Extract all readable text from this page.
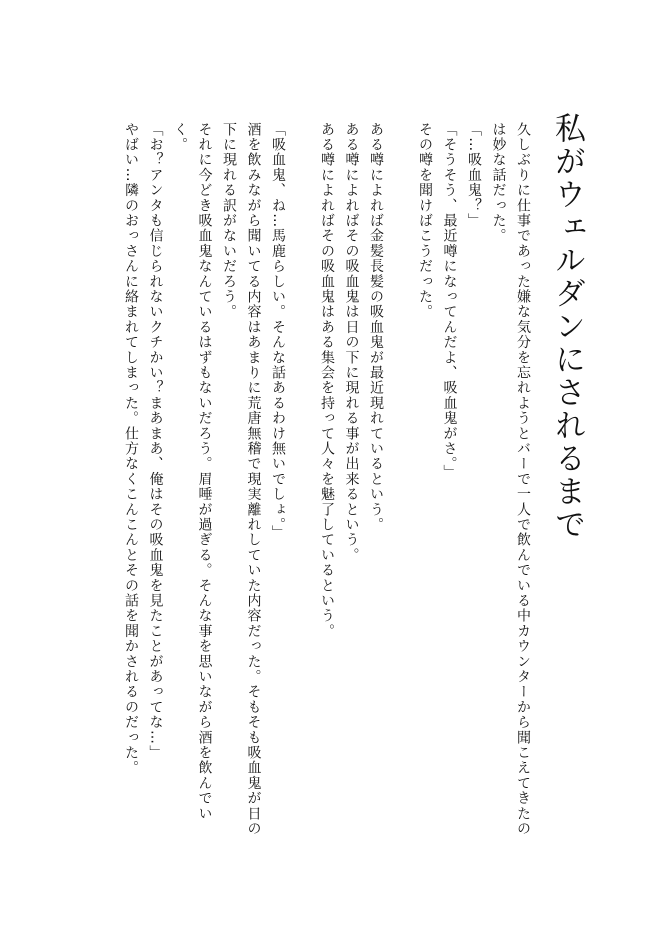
私がウェルダンにされるまで

久しぶりに仕事であった嫌な気分を忘れようとバーで一人で飲んでいる中カウンターから聞こえてきたのは妙な話だった。

「…吸血鬼？」

「そうそう、最近噂になってんだよ、吸血鬼がさ。」

その噂を聞けばこうだった。

ある噂によれば金髪長髪の吸血鬼が最近現れているという。

ある噂によればその吸血鬼は日の下に現れる事が出来るという。

ある噂によればその吸血鬼はある集会を持って人々を魅了しているという。

「吸血鬼、ね…馬鹿らしい。そんな話あるわけ無いでしょ。」

酒を飲みながら聞いてる内容はあまりに荒唐無稽で現実離れしていた内容だった。そもそも吸血鬼が日の下に現れる訳がないだろう。

それに今どき吸血鬼なんているはずもないだろう。眉唾が過ぎる。そんな事を思いながら酒を飲んでいく。

「お？アンタも信じられないクチかい？まあまあ、俺はその吸血鬼を見たことがあってな…」

やばい…隣のおっさんに絡まれてしまった。仕方なくこんこんとその話を聞かされるのだった。
